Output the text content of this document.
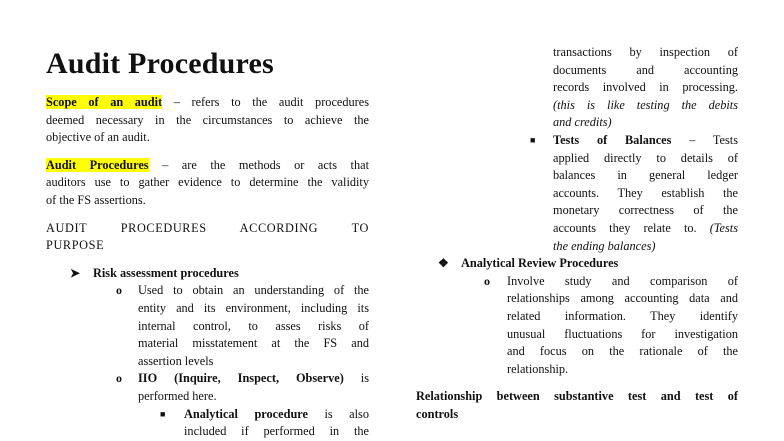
Audit Procedures

Scope of an audit – refers to the audit procedures

deemed necessary in the circumstances to achieve the

objective of an audit.

Audit Procedures – are the methods or acts that

auditors use to gather evidence to determine the validity

of the FS assertions.

AUDIT PROCEDURES ACCORDING TO

PURPOSE

➤ Risk assessment procedures
o Used to obtain an understanding of the

entity and its environment, including its

internal control, to asses risks of

material misstatement at the FS and

assertion levels

o IIO (Inquire, Inspect, Observe) is

performed here.

■ Analytical procedure is also

included if performed in the

transactions by inspection of

documents and accounting

records involved in processing.

(this is like testing the debits

and credits)

■ Tests of Balances – Tests

applied directly to details of

balances in general ledger

accounts. They establish the

monetary correctness of the

accounts they relate to. (Tests

the ending balances)

❖ Analytical Review Procedures
o Involve study and comparison of

relationships among accounting data and

related information. They identify

unusual fluctuations for investigation

and focus on the rationale of the

relationship.

Relationship between substantive test and test of

controls
